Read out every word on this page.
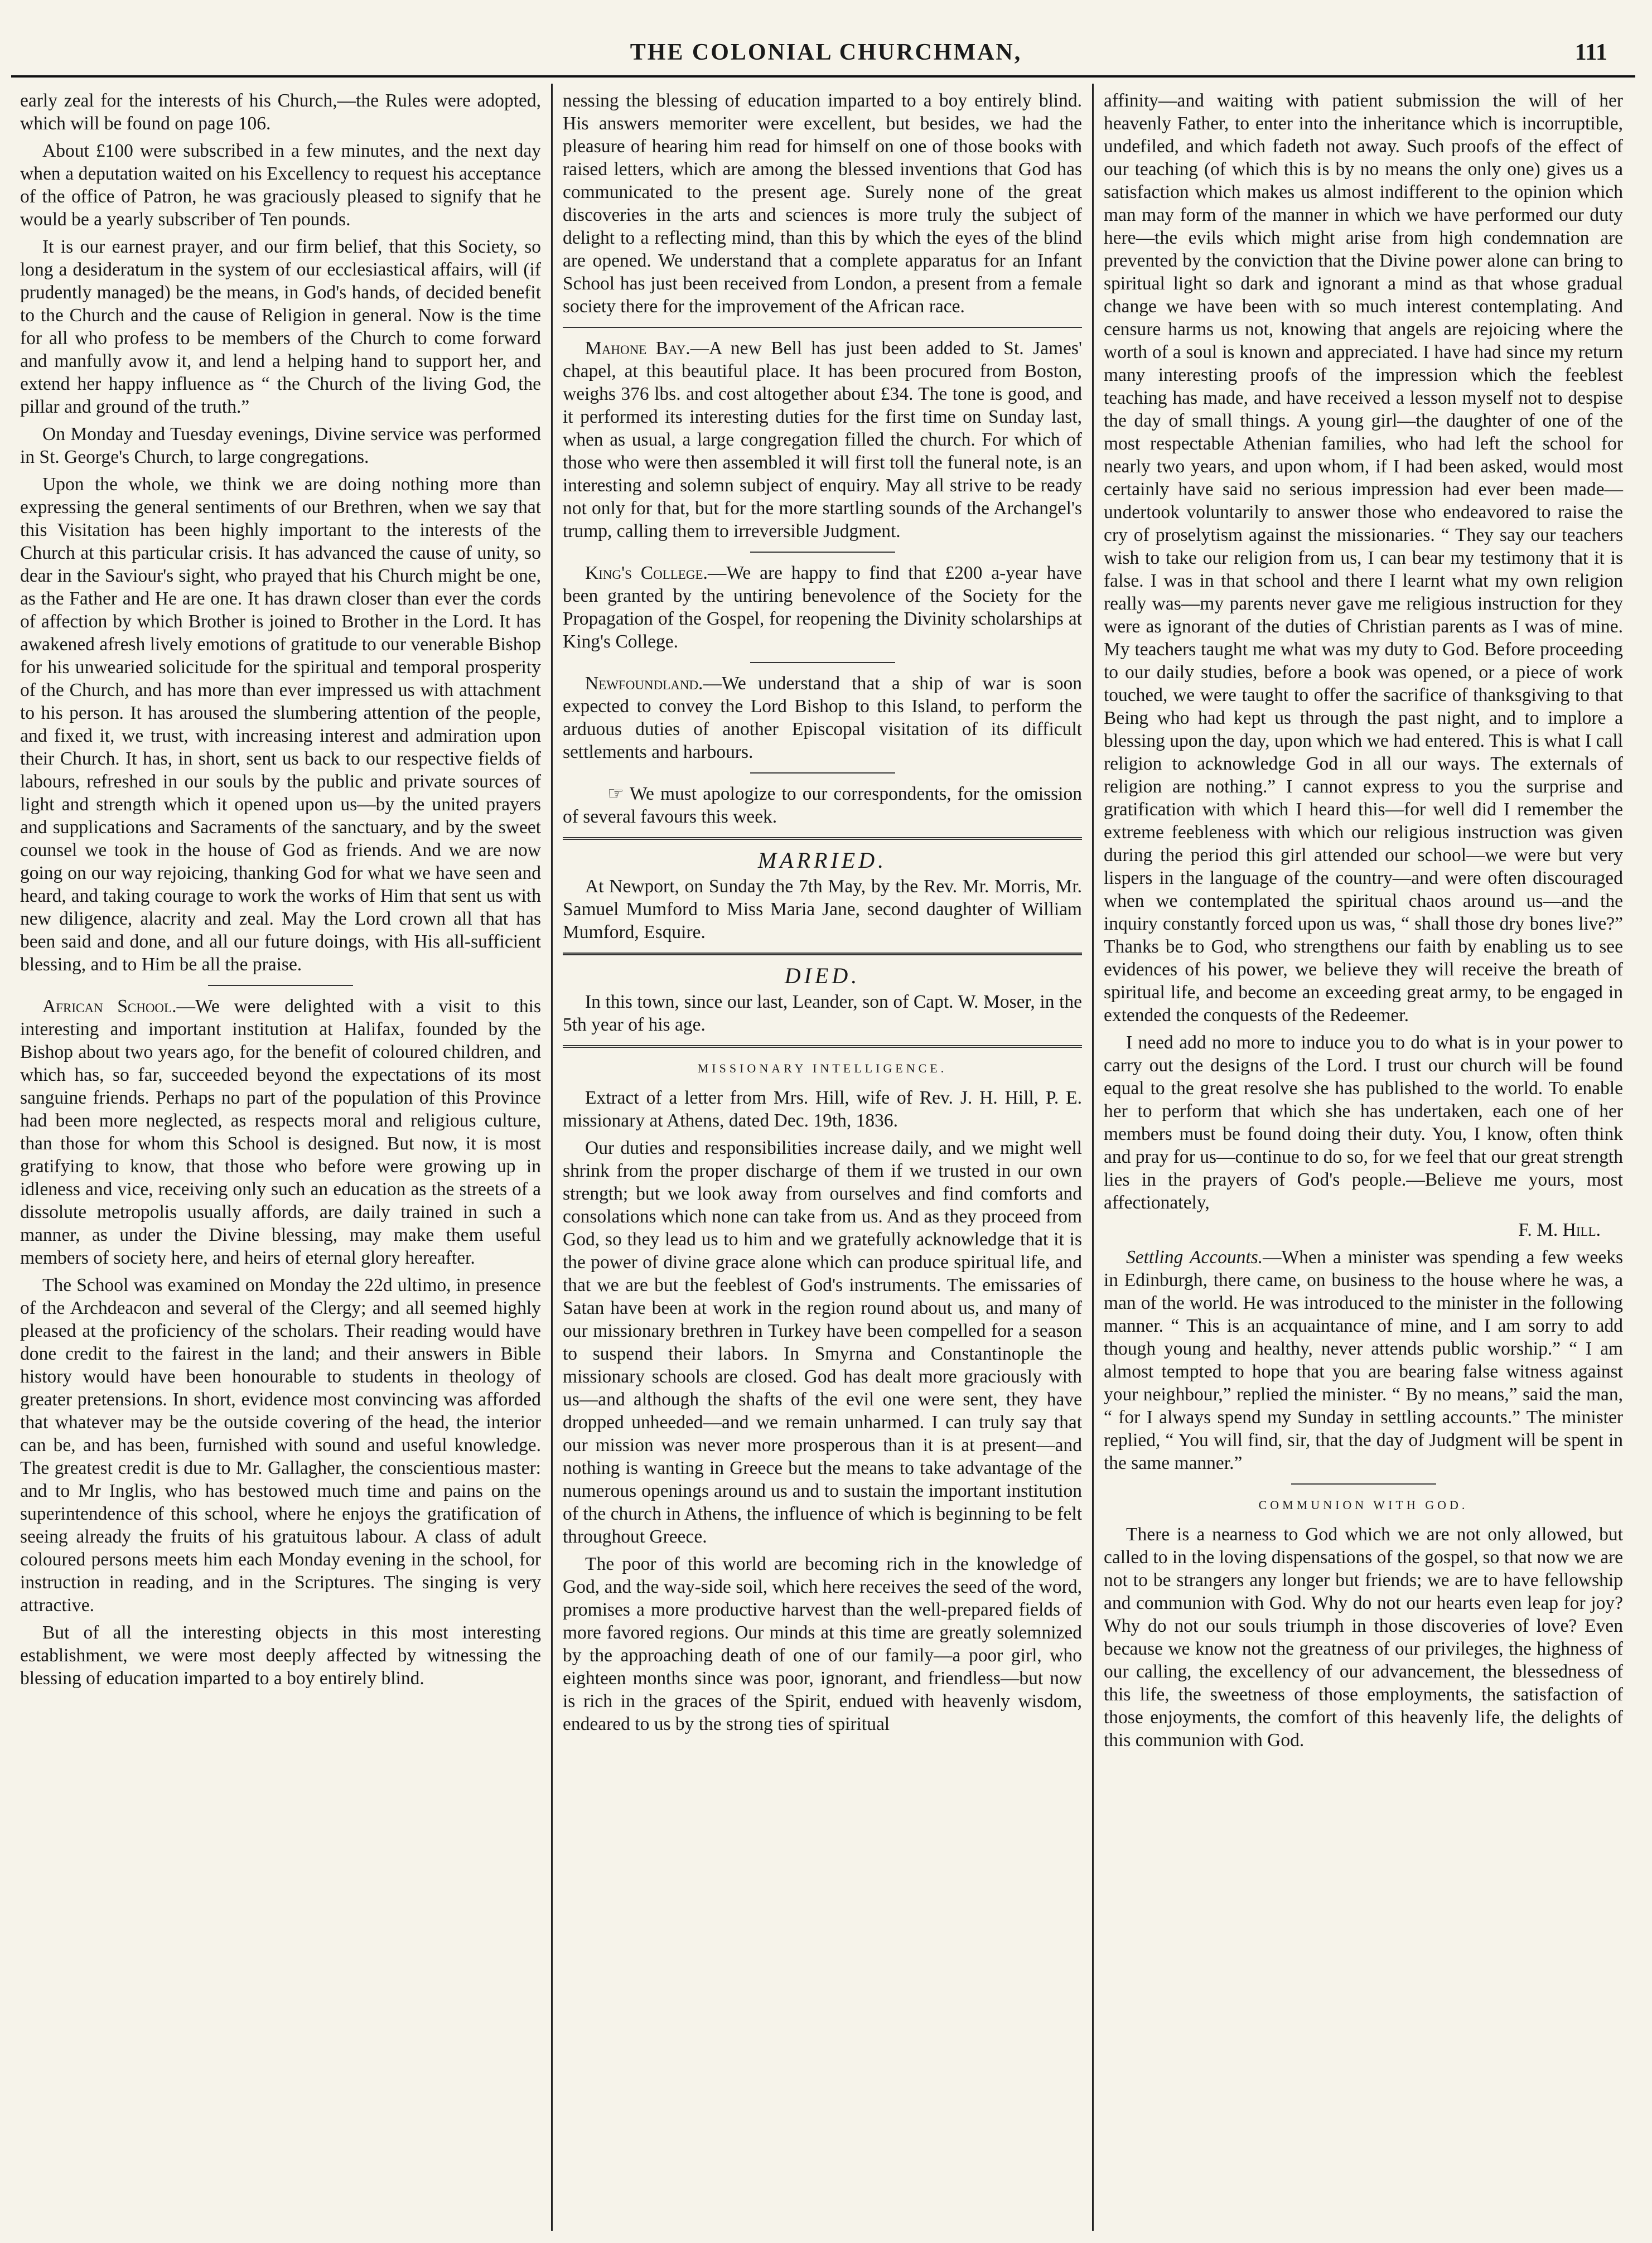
THE COLONIAL CHURCHMAN,	111

early zeal for the interests of his Church,—the Rules were adopted, which will be found on page 106.

About £100 were subscribed in a few minutes, and the next day when a deputation waited on his Excellency to request his acceptance of the office of Patron, he was graciously pleased to signify that he would be a yearly subscriber of Ten pounds.

It is our earnest prayer, and our firm belief, that this Society, so long a desideratum in the system of our ecclesiastical affairs, will (if prudently managed) be the means, in God's hands, of decided benefit to the Church and the cause of Religion in general. Now is the time for all who profess to be members of the Church to come forward and manfully avow it, and lend a helping hand to support her, and extend her happy influence as “ the Church of the living God, the pillar and ground of the truth.”

On Monday and Tuesday evenings, Divine service was performed in St. George's Church, to large congregations.

Upon the whole, we think we are doing nothing more than expressing the general sentiments of our Brethren, when we say that this Visitation has been highly important to the interests of the Church at this particular crisis. It has advanced the cause of unity, so dear in the Saviour's sight, who prayed that his Church might be one, as the Father and He are one. It has drawn closer than ever the cords of affection by which Brother is joined to Brother in the Lord. It has awakened afresh lively emotions of gratitude to our venerable Bishop for his unwearied solicitude for the spiritual and temporal prosperity of the Church, and has more than ever impressed us with attachment to his person. It has aroused the slumbering attention of the people, and fixed it, we trust, with increasing interest and admiration upon their Church. It has, in short, sent us back to our respective fields of labours, refreshed in our souls by the public and private sources of light and strength which it opened upon us—by the united prayers and supplications and Sacraments of the sanctuary, and by the sweet counsel we took in the house of God as friends. And we are now going on our way rejoicing, thanking God for what we have seen and heard, and taking courage to work the works of Him that sent us with new diligence, alacrity and zeal. May the Lord crown all that has been said and done, and all our future doings, with His all-sufficient blessing, and to Him be all the praise.

African School.—We were delighted with a visit to this interesting and important institution at Halifax, founded by the Bishop about two years ago, for the benefit of coloured children, and which has, so far, succeeded beyond the expectations of its most sanguine friends. Perhaps no part of the population of this Province had been more neglected, as respects moral and religious culture, than those for whom this School is designed. But now, it is most gratifying to know, that those who before were growing up in idleness and vice, receiving only such an education as the streets of a dissolute metropolis usually affords, are daily trained in such a manner, as under the Divine blessing, may make them useful members of society here, and heirs of eternal glory hereafter.

The School was examined on Monday the 22d ultimo, in presence of the Archdeacon and several of the Clergy; and all seemed highly pleased at the proficiency of the scholars. Their reading would have done credit to the fairest in the land; and their answers in Bible history would have been honourable to students in theology of greater pretensions. In short, evidence most convincing was afforded that whatever may be the outside covering of the head, the interior can be, and has been, furnished with sound and useful knowledge. The greatest credit is due to Mr. Gallagher, the conscientious master: and to Mr Inglis, who has bestowed much time and pains on the superintendence of this school, where he enjoys the gratification of seeing already the fruits of his gratuitous labour. A class of adult coloured persons meets him each Monday evening in the school, for instruction in reading, and in the Scriptures. The singing is very attractive.

But of all the interesting objects in this most interesting establishment, we were most deeply affected by witnessing the blessing of education imparted to a boy entirely blind.

nessing the blessing of education imparted to a boy entirely blind. His answers memoriter were excellent, but besides, we had the pleasure of hearing him read for himself on one of those books with raised letters, which are among the blessed inventions that God has communicated to the present age. Surely none of the great discoveries in the arts and sciences is more truly the subject of delight to a reflecting mind, than this by which the eyes of the blind are opened. We understand that a complete apparatus for an Infant School has just been received from London, a present from a female society there for the improvement of the African race.

Mahone Bay.—A new Bell has just been added to St. James' chapel, at this beautiful place. It has been procured from Boston, weighs 376 lbs. and cost altogether about £34. The tone is good, and it performed its interesting duties for the first time on Sunday last, when as usual, a large congregation filled the church. For which of those who were then assembled it will first toll the funeral note, is an interesting and solemn subject of enquiry. May all strive to be ready not only for that, but for the more startling sounds of the Archangel's trump, calling them to irreversible Judgment.

King's College.—We are happy to find that £200 a-year have been granted by the untiring benevolence of the Society for the Propagation of the Gospel, for reopening the Divinity scholarships at King's College.

Newfoundland.—We understand that a ship of war is soon expected to convey the Lord Bishop to this Island, to perform the arduous duties of another Episcopal visitation of its difficult settlements and harbours.

☞ We must apologize to our correspondents, for the omission of several favours this week.

MARRIED.

At Newport, on Sunday the 7th May, by the Rev. Mr. Morris, Mr. Samuel Mumford to Miss Maria Jane, second daughter of William Mumford, Esquire.

DIED.

In this town, since our last, Leander, son of Capt. W. Moser, in the 5th year of his age.

MISSIONARY INTELLIGENCE.

Extract of a letter from Mrs. Hill, wife of Rev. J. H. Hill, P. E. missionary at Athens, dated Dec. 19th, 1836.

Our duties and responsibilities increase daily, and we might well shrink from the proper discharge of them if we trusted in our own strength; but we look away from ourselves and find comforts and consolations which none can take from us. And as they proceed from God, so they lead us to him and we gratefully acknowledge that it is the power of divine grace alone which can produce spiritual life, and that we are but the feeblest of God's instruments. The emissaries of Satan have been at work in the region round about us, and many of our missionary brethren in Turkey have been compelled for a season to suspend their labors. In Smyrna and Constantinople the missionary schools are closed. God has dealt more graciously with us—and although the shafts of the evil one were sent, they have dropped unheeded—and we remain unharmed. I can truly say that our mission was never more prosperous than it is at present—and nothing is wanting in Greece but the means to take advantage of the numerous openings around us and to sustain the important institution of the church in Athens, the influence of which is beginning to be felt throughout Greece.

The poor of this world are becoming rich in the knowledge of God, and the way-side soil, which here receives the seed of the word, promises a more productive harvest than the well-prepared fields of more favored regions. Our minds at this time are greatly solemnized by the approaching death of one of our family—a poor girl, who eighteen months since was poor, ignorant, and friendless—but now is rich in the graces of the Spirit, endued with heavenly wisdom, endeared to us by the strong ties of spiritual

affinity—and waiting with patient submission the will of her heavenly Father, to enter into the inheritance which is incorruptible, undefiled, and which fadeth not away. Such proofs of the effect of our teaching (of which this is by no means the only one) gives us a satisfaction which makes us almost indifferent to the opinion which man may form of the manner in which we have performed our duty here—the evils which might arise from high condemnation are prevented by the conviction that the Divine power alone can bring to spiritual light so dark and ignorant a mind as that whose gradual change we have been with so much interest contemplating. And censure harms us not, knowing that angels are rejoicing where the worth of a soul is known and appreciated. I have had since my return many interesting proofs of the impression which the feeblest teaching has made, and have received a lesson myself not to despise the day of small things. A young girl—the daughter of one of the most respectable Athenian families, who had left the school for nearly two years, and upon whom, if I had been asked, would most certainly have said no serious impression had ever been made—undertook voluntarily to answer those who endeavored to raise the cry of proselytism against the missionaries. “ They say our teachers wish to take our religion from us, I can bear my testimony that it is false. I was in that school and there I learnt what my own religion really was—my parents never gave me religious instruction for they were as ignorant of the duties of Christian parents as I was of mine. My teachers taught me what was my duty to God. Before proceeding to our daily studies, before a book was opened, or a piece of work touched, we were taught to offer the sacrifice of thanksgiving to that Being who had kept us through the past night, and to implore a blessing upon the day, upon which we had entered. This is what I call religion to acknowledge God in all our ways. The externals of religion are nothing.” I cannot express to you the surprise and gratification with which I heard this—for well did I remember the extreme feebleness with which our religious instruction was given during the period this girl attended our school—we were but very lispers in the language of the country—and were often discouraged when we contemplated the spiritual chaos around us—and the inquiry constantly forced upon us was, “ shall those dry bones live?” Thanks be to God, who strengthens our faith by enabling us to see evidences of his power, we believe they will receive the breath of spiritual life, and become an exceeding great army, to be engaged in extended the conquests of the Redeemer.

I need add no more to induce you to do what is in your power to carry out the designs of the Lord. I trust our church will be found equal to the great resolve she has published to the world. To enable her to perform that which she has undertaken, each one of her members must be found doing their duty. You, I know, often think and pray for us—continue to do so, for we feel that our great strength lies in the prayers of God's people.—Believe me yours, most affectionately,

F. M. Hill.

Settling Accounts.—When a minister was spending a few weeks in Edinburgh, there came, on business to the house where he was, a man of the world. He was introduced to the minister in the following manner. “ This is an acquaintance of mine, and I am sorry to add though young and healthy, never attends public worship.” “ I am almost tempted to hope that you are bearing false witness against your neighbour,” replied the minister. “ By no means,” said the man, “ for I always spend my Sunday in settling accounts.” The minister replied, “ You will find, sir, that the day of Judgment will be spent in the same manner.”

COMMUNION WITH GOD.

There is a nearness to God which we are not only allowed, but called to in the loving dispensations of the gospel, so that now we are not to be strangers any longer but friends; we are to have fellowship and communion with God. Why do not our hearts even leap for joy? Why do not our souls triumph in those discoveries of love? Even because we know not the greatness of our privileges, the highness of our calling, the excellency of our advancement, the blessedness of this life, the sweetness of those employments, the satisfaction of those enjoyments, the comfort of this heavenly life, the delights of this communion with God.
